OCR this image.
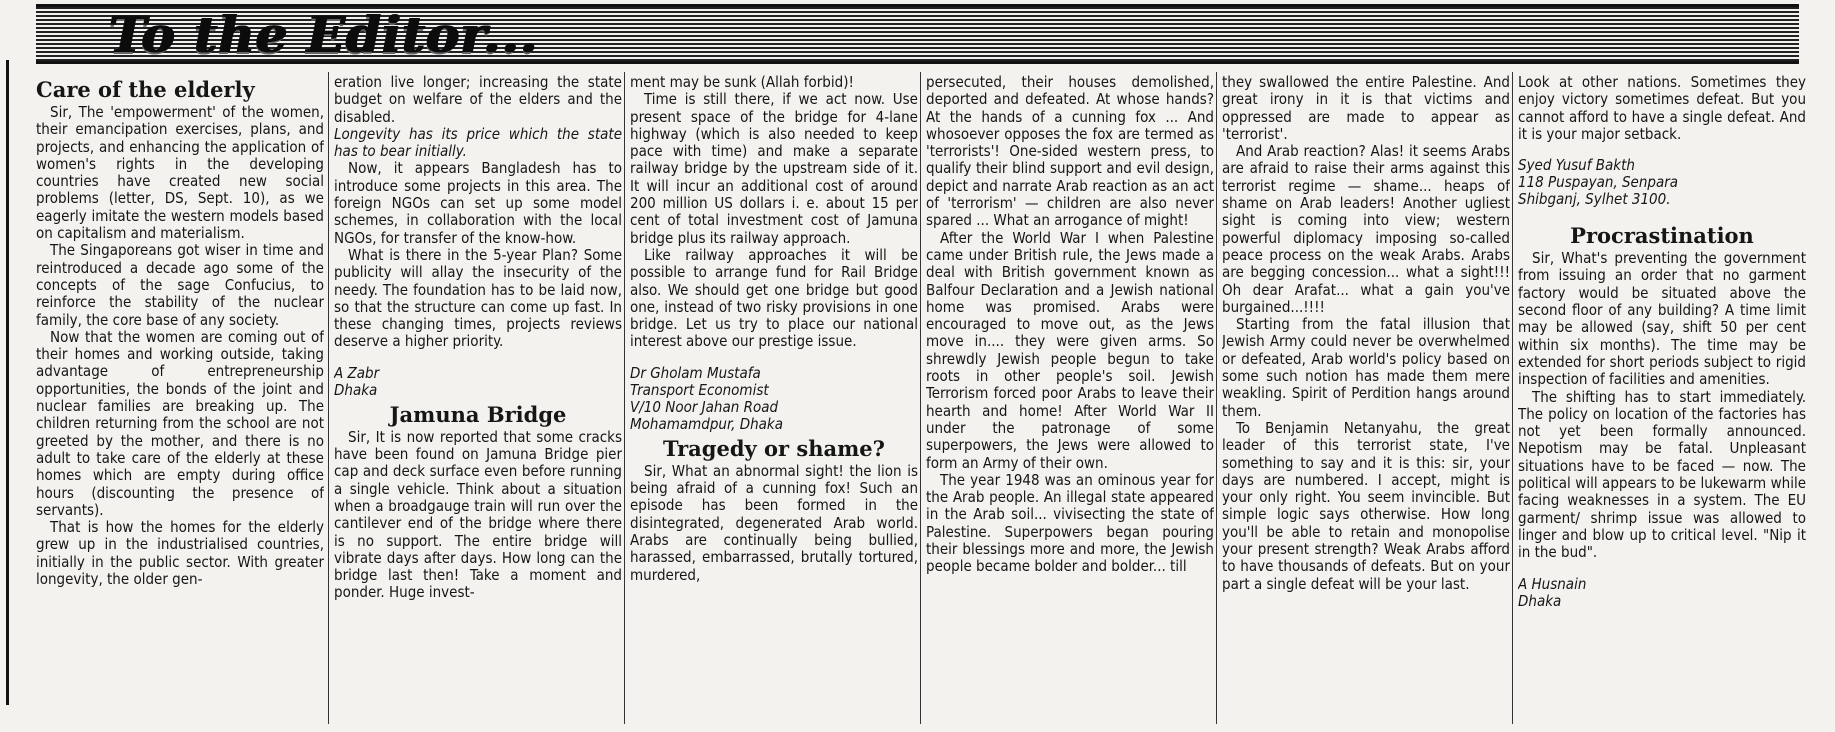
To the Editor...
Care of the elderly

Sir, The 'empowerment' of the women, their emancipation exercises, plans, and projects, and enhancing the application of women's rights in the developing countries have created new social problems (letter, DS, Sept. 10), as we eagerly imitate the western models based on capitalism and materialism.

The Singaporeans got wiser in time and reintroduced a decade ago some of the concepts of the sage Confucius, to reinforce the stability of the nuclear family, the core base of any society.

Now that the women are coming out of their homes and working outside, taking advantage of entrepreneurship opportunities, the bonds of the joint and nuclear families are breaking up. The children returning from the school are not greeted by the mother, and there is no adult to take care of the elderly at these homes which are empty during office hours (discounting the presence of servants).

That is how the homes for the elderly grew up in the industrialised countries, initially in the public sector. With greater longevity, the older gen-

eration live longer; increasing the state budget on welfare of the elders and the disabled.

Longevity has its price which the state has to bear initially.

Now, it appears Bangladesh has to introduce some projects in this area. The foreign NGOs can set up some model schemes, in collaboration with the local NGOs, for transfer of the know-how.

What is there in the 5-year Plan? Some publicity will allay the insecurity of the needy. The foundation has to be laid now, so that the structure can come up fast. In these changing times, projects reviews deserve a higher priority.

A Zabr

Dhaka

Jamuna Bridge

Sir, It is now reported that some cracks have been found on Jamuna Bridge pier cap and deck surface even before running a single vehicle. Think about a situation when a broadgauge train will run over the cantilever end of the bridge where there is no support. The entire bridge will vibrate days after days. How long can the bridge last then! Take a moment and ponder. Huge invest-

ment may be sunk (Allah forbid)!

Time is still there, if we act now. Use present space of the bridge for 4-lane highway (which is also needed to keep pace with time) and make a separate railway bridge by the upstream side of it. It will incur an additional cost of around 200 million US dollars i. e. about 15 per cent of total investment cost of Jamuna bridge plus its railway approach.

Like railway approaches it will be possible to arrange fund for Rail Bridge also. We should get one bridge but good one, instead of two risky provisions in one bridge. Let us try to place our national interest above our prestige issue.

Dr Gholam Mustafa

Transport Economist

V/10 Noor Jahan Road

Mohamamdpur, Dhaka

Tragedy or shame?

Sir, What an abnormal sight! the lion is being afraid of a cunning fox! Such an episode has been formed in the disintegrated, degenerated Arab world. Arabs are continually being bullied, harassed, embarrassed, brutally tortured, murdered,

persecuted, their houses demolished, deported and defeated. At whose hands? At the hands of a cunning fox ... And whosoever opposes the fox are termed as 'terrorists'! One-sided western press, to qualify their blind support and evil design, depict and narrate Arab reaction as an act of 'terrorism' — children are also never spared ... What an arrogance of might!

After the World War I when Palestine came under British rule, the Jews made a deal with British government known as Balfour Declaration and a Jewish national home was promised. Arabs were encouraged to move out, as the Jews move in.... they were given arms. So shrewdly Jewish people begun to take roots in other people's soil. Jewish Terrorism forced poor Arabs to leave their hearth and home! After World War II under the patronage of some superpowers, the Jews were allowed to form an Army of their own.

The year 1948 was an ominous year for the Arab people. An illegal state appeared in the Arab soil... vivisecting the state of Palestine. Superpowers began pouring their blessings more and more, the Jewish people became bolder and bolder... till

they swallowed the entire Palestine. And great irony in it is that victims and oppressed are made to appear as 'terrorist'.

And Arab reaction? Alas! it seems Arabs are afraid to raise their arms against this terrorist regime — shame... heaps of shame on Arab leaders! Another ugliest sight is coming into view; western powerful diplomacy imposing so-called peace process on the weak Arabs. Arabs are begging concession... what a sight!!! Oh dear Arafat... what a gain you've burgained...!!!!

Starting from the fatal illusion that Jewish Army could never be overwhelmed or defeated, Arab world's policy based on some such notion has made them mere weakling. Spirit of Perdition hangs around them.

To Benjamin Netanyahu, the great leader of this terrorist state, I've something to say and it is this: sir, your days are numbered. I accept, might is your only right. You seem invincible. But simple logic says otherwise. How long you'll be able to retain and monopolise your present strength? Weak Arabs afford to have thousands of defeats. But on your part a single defeat will be your last.

Look at other nations. Sometimes they enjoy victory sometimes defeat. But you cannot afford to have a single defeat. And it is your major setback.

Syed Yusuf Bakth

118 Puspayan, Senpara

Shibganj, Sylhet 3100.

Procrastination

Sir, What's preventing the government from issuing an order that no garment factory would be situated above the second floor of any building? A time limit may be allowed (say, shift 50 per cent within six months). The time may be extended for short periods subject to rigid inspection of facilities and amenities.

The shifting has to start immediately. The policy on location of the factories has not yet been formally announced. Nepotism may be fatal. Unpleasant situations have to be faced — now. The political will appears to be lukewarm while facing weaknesses in a system. The EU garment/ shrimp issue was allowed to linger and blow up to critical level. "Nip it in the bud".

A Husnain

Dhaka
